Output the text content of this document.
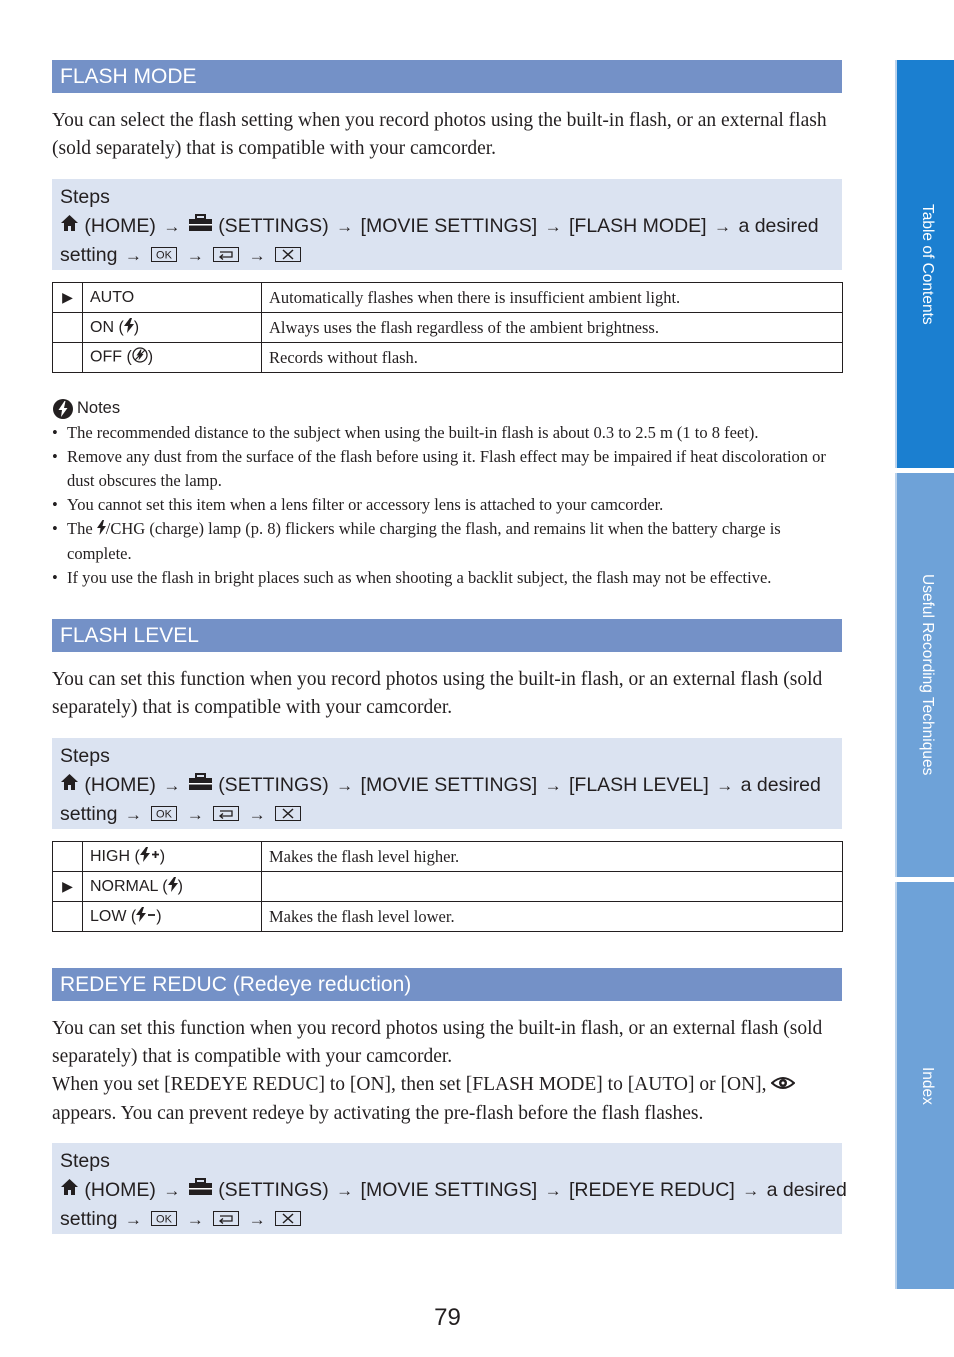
FLASH MODE

You can select the flash setting when you record photos using the built-in flash, or an external flash (sold separately) that is compatible with your camcorder.

Steps
(HOME) → (SETTINGS) → [MOVIE SETTINGS] → [FLASH MODE] → a desired
setting → OK →	→
▶	AUTO	Automatically flashes when there is insufficient ambient light.
	ON ( )	Always uses the flash regardless of the ambient brightness.
	OFF ( )	Records without flash.
Notes
• The recommended distance to the subject when using the built-in flash is about 0.3 to 2.5 m (1 to 8 feet).
• Remove any dust from the surface of the flash before using it. Flash effect may be impaired if heat discoloration or dust obscures the lamp.
• You cannot set this item when a lens filter or accessory lens is attached to your camcorder.
• The /CHG (charge) lamp (p. 8) flickers while charging the flash, and remains lit when the battery charge is complete.
• If you use the flash in bright places such as when shooting a backlit subject, the flash may not be effective.
FLASH LEVEL

You can set this function when you record photos using the built-in flash, or an external flash (sold separately) that is compatible with your camcorder.

Steps
(HOME) → (SETTINGS) → [MOVIE SETTINGS] → [FLASH LEVEL] → a desired
setting → OK →	→
	HIGH ( )	Makes the flash level higher.
▶	NORMAL ( )	
	LOW ( )	Makes the flash level lower.
REDEYE REDUC (Redeye reduction)

You can set this function when you record photos using the built-in flash, or an external flash (sold separately) that is compatible with your camcorder.

When you set [REDEYE REDUC] to [ON], then set [FLASH MODE] to [AUTO] or [ON],  appears. You can prevent redeye by activating the pre-flash before the flash flashes.

Steps
(HOME) → (SETTINGS) → [MOVIE SETTINGS] → [REDEYE REDUC] → a desired
setting → OK →	→
Table of Contents
Useful Recording Techniques
Index
79
